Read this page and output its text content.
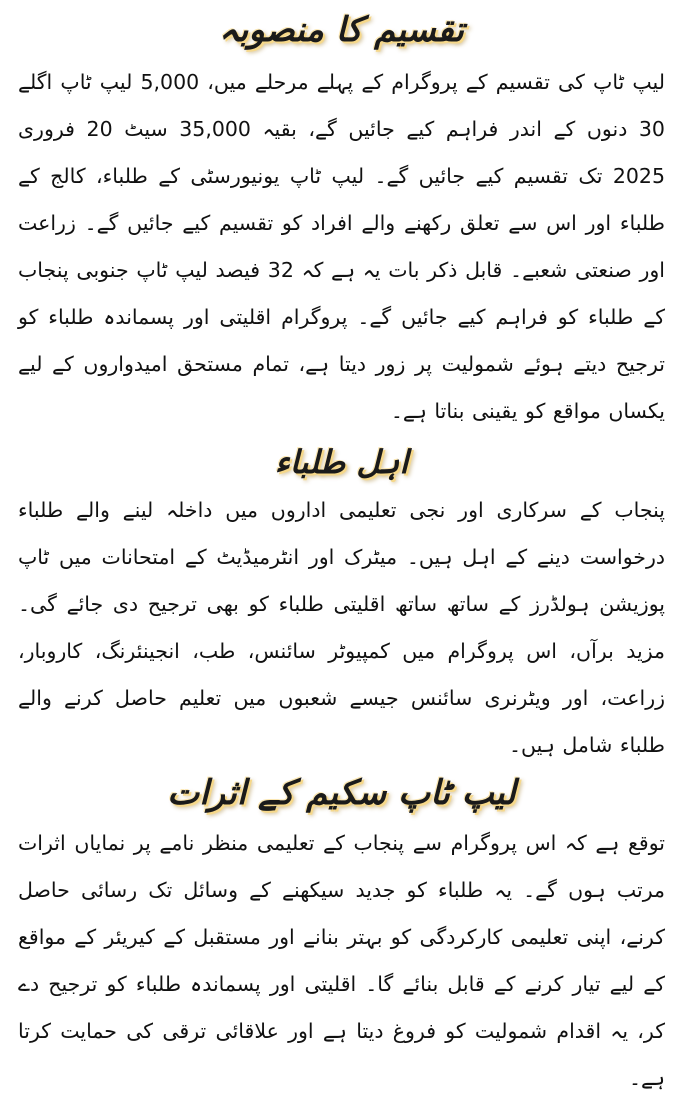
تقسیم کا منصوبہ

لیپ ٹاپ کی تقسیم کے پروگرام کے پہلے مرحلے میں، 5,000 لیپ ٹاپ اگلے 30 دنوں کے اندر فراہم کیے جائیں گے، بقیہ 35,000 سیٹ 20 فروری 2025 تک تقسیم کیے جائیں گے۔ لیپ ٹاپ یونیورسٹی کے طلباء، کالج کے طلباء اور اس سے تعلق رکھنے والے افراد کو تقسیم کیے جائیں گے۔ زراعت اور صنعتی شعبے۔ قابل ذکر بات یہ ہے کہ 32 فیصد لیپ ٹاپ جنوبی پنجاب کے طلباء کو فراہم کیے جائیں گے۔ پروگرام اقلیتی اور پسماندہ طلباء کو ترجیح دیتے ہوئے شمولیت پر زور دیتا ہے، تمام مستحق امیدواروں کے لیے یکساں مواقع کو یقینی بناتا ہے۔

اہل طلباء

پنجاب کے سرکاری اور نجی تعلیمی اداروں میں داخلہ لینے والے طلباء درخواست دینے کے اہل ہیں۔ میٹرک اور انٹرمیڈیٹ کے امتحانات میں ٹاپ پوزیشن ہولڈرز کے ساتھ ساتھ اقلیتی طلباء کو بھی ترجیح دی جائے گی۔ مزید برآں، اس پروگرام میں کمپیوٹر سائنس، طب، انجینئرنگ، کاروبار، زراعت، اور ویٹرنری سائنس جیسے شعبوں میں تعلیم حاصل کرنے والے طلباء شامل ہیں۔

لیپ ٹاپ سکیم کے اثرات

توقع ہے کہ اس پروگرام سے پنجاب کے تعلیمی منظر نامے پر نمایاں اثرات مرتب ہوں گے۔ یہ طلباء کو جدید سیکھنے کے وسائل تک رسائی حاصل کرنے، اپنی تعلیمی کارکردگی کو بہتر بنانے اور مستقبل کے کیریئر کے مواقع کے لیے تیار کرنے کے قابل بنائے گا۔ اقلیتی اور پسماندہ طلباء کو ترجیح دے کر، یہ اقدام شمولیت کو فروغ دیتا ہے اور علاقائی ترقی کی حمایت کرتا ہے۔
